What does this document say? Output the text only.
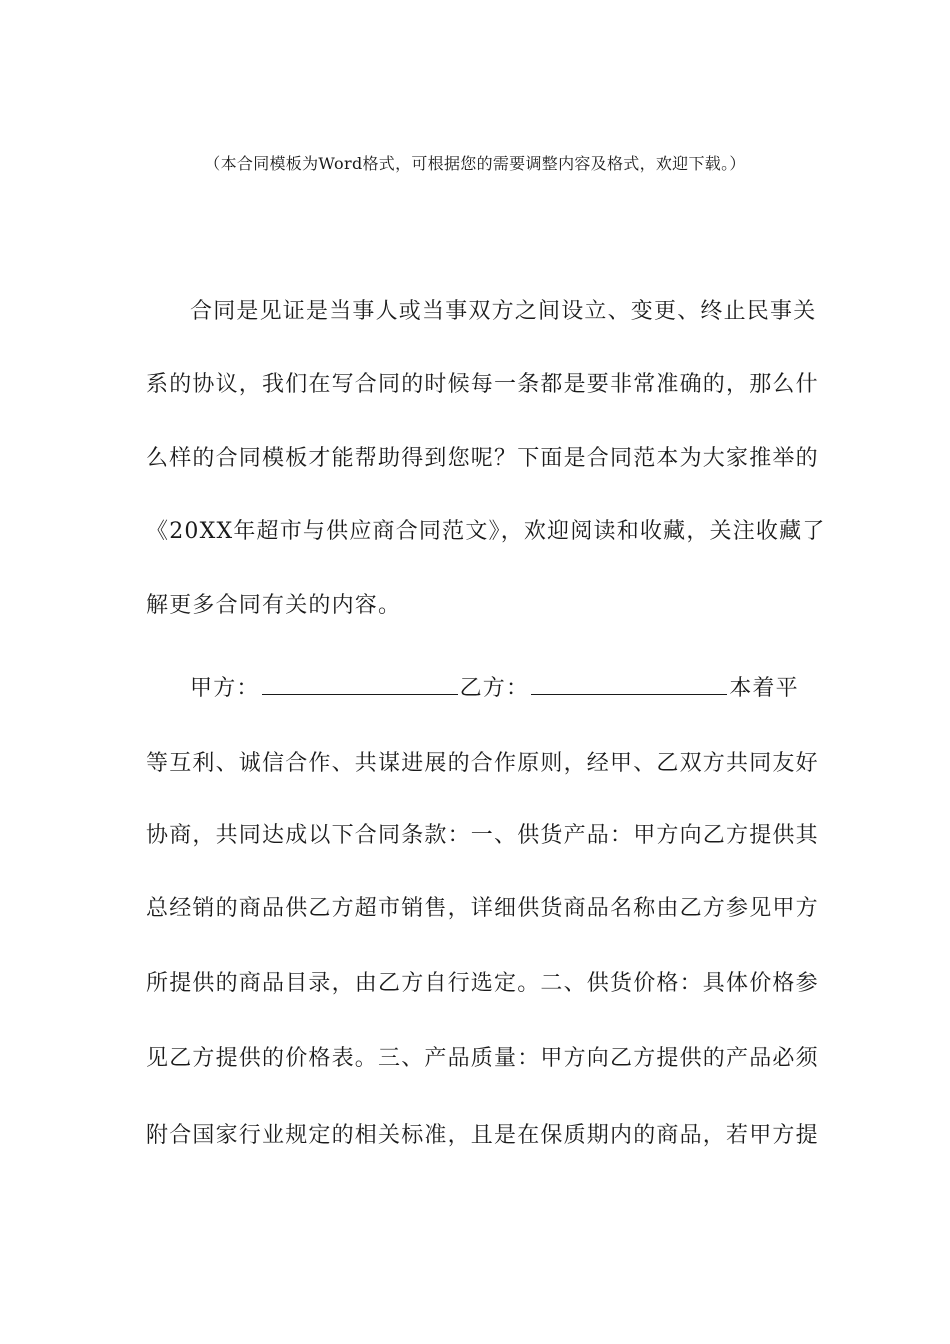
（本合同模板为Word格式，可根据您的需要调整内容及格式，欢迎下载。）
合同是见证是当事人或当事双方之间设立、变更、终止民事关
系的协议，我们在写合同的时候每一条都是要非常准确的，那么什
么样的合同模板才能帮助得到您呢？下面是合同范本为大家推举的
《20XX年超市与供应商合同范文》，欢迎阅读和收藏，关注收藏了
解更多合同有关的内容。
甲方：	乙方：	本着平
等互利、诚信合作、共谋进展的合作原则，经甲、乙双方共同友好
协商，共同达成以下合同条款：一、供货产品：甲方向乙方提供其
总经销的商品供乙方超市销售，详细供货商品名称由乙方参见甲方
所提供的商品目录，由乙方自行选定。二、供货价格：具体价格参
见乙方提供的价格表。三、产品质量：甲方向乙方提供的产品必须
附合国家行业规定的相关标准，且是在保质期内的商品，若甲方提
